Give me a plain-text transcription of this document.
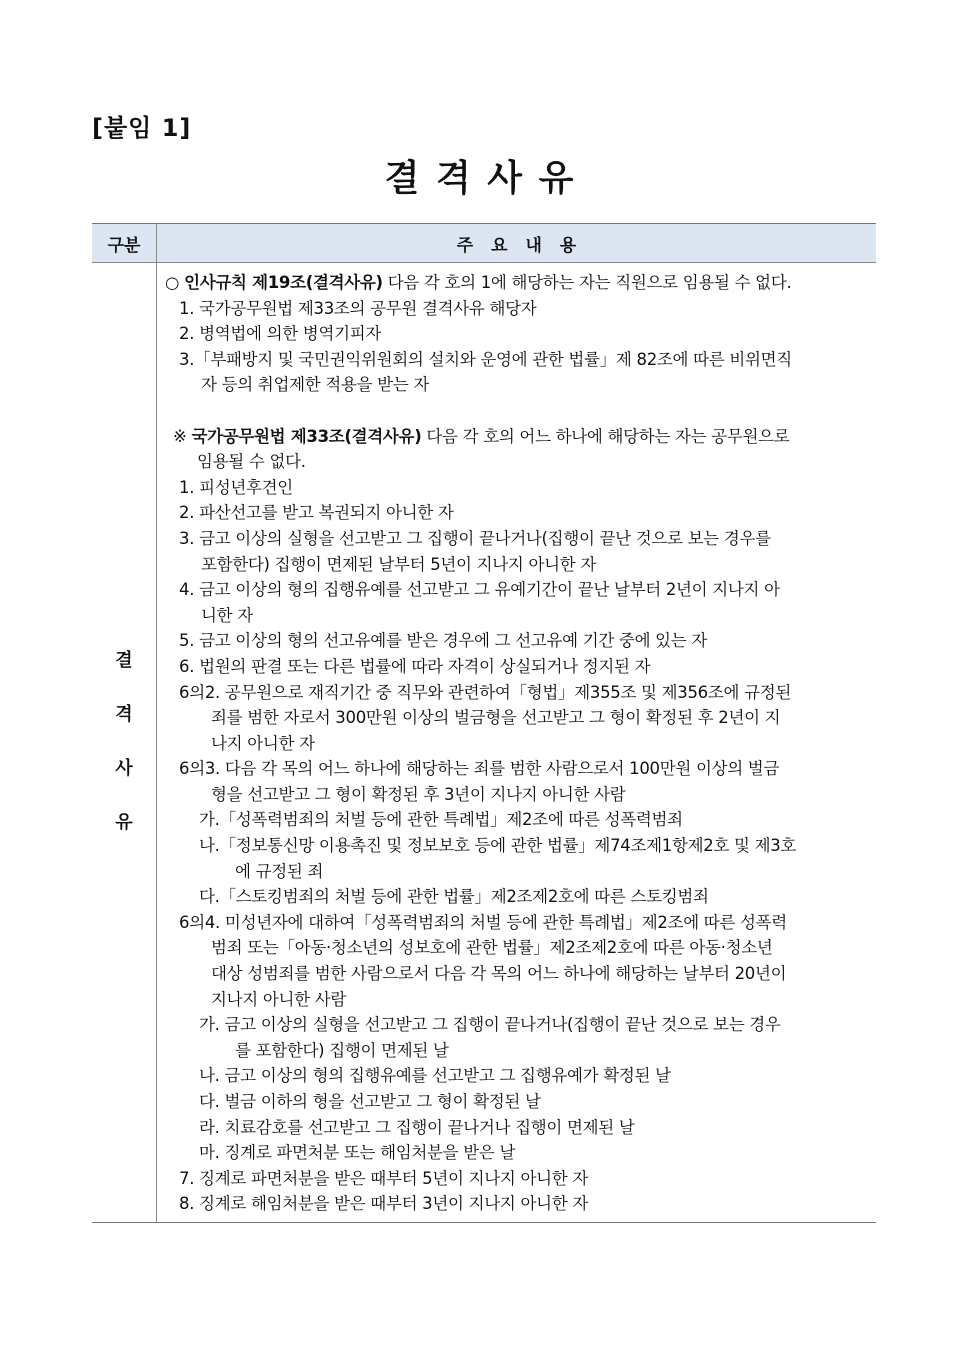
[붙임 1]
결 격 사 유
구분	주 요 내 용
결
격
사
유
○ 인사규칙 제19조(결격사유) 다음 각 호의 1에 해당하는 자는 직원으로 임용될 수 없다.
1. 국가공무원법 제33조의 공무원 결격사유 해당자
2. 병역법에 의한 병역기피자
3.「부패방지 및 국민권익위원회의 설치와 운영에 관한 법률」제 82조에 따른 비위면직
자 등의 취업제한 적용을 받는 자
※ 국가공무원법 제33조(결격사유) 다음 각 호의 어느 하나에 해당하는 자는 공무원으로
임용될 수 없다.
1. 피성년후견인
2. 파산선고를 받고 복권되지 아니한 자
3. 금고 이상의 실형을 선고받고 그 집행이 끝나거나(집행이 끝난 것으로 보는 경우를
포함한다) 집행이 면제된 날부터 5년이 지나지 아니한 자
4. 금고 이상의 형의 집행유예를 선고받고 그 유예기간이 끝난 날부터 2년이 지나지 아
니한 자
5. 금고 이상의 형의 선고유예를 받은 경우에 그 선고유예 기간 중에 있는 자
6. 법원의 판결 또는 다른 법률에 따라 자격이 상실되거나 정지된 자
6의2. 공무원으로 재직기간 중 직무와 관련하여「형법」제355조 및 제356조에 규정된
죄를 범한 자로서 300만원 이상의 벌금형을 선고받고 그 형이 확정된 후 2년이 지
나지 아니한 자
6의3. 다음 각 목의 어느 하나에 해당하는 죄를 범한 사람으로서 100만원 이상의 벌금
형을 선고받고 그 형이 확정된 후 3년이 지나지 아니한 사람
가.「성폭력범죄의 처벌 등에 관한 특례법」제2조에 따른 성폭력범죄
나.「정보통신망 이용촉진 및 정보보호 등에 관한 법률」제74조제1항제2호 및 제3호
에 규정된 죄
다.「스토킹범죄의 처벌 등에 관한 법률」제2조제2호에 따른 스토킹범죄
6의4. 미성년자에 대하여「성폭력범죄의 처벌 등에 관한 특례법」제2조에 따른 성폭력
범죄 또는「아동·청소년의 성보호에 관한 법률」제2조제2호에 따른 아동·청소년
대상 성범죄를 범한 사람으로서 다음 각 목의 어느 하나에 해당하는 날부터 20년이
지나지 아니한 사람
가. 금고 이상의 실형을 선고받고 그 집행이 끝나거나(집행이 끝난 것으로 보는 경우
를 포함한다) 집행이 면제된 날
나. 금고 이상의 형의 집행유예를 선고받고 그 집행유예가 확정된 날
다. 벌금 이하의 형을 선고받고 그 형이 확정된 날
라. 치료감호를 선고받고 그 집행이 끝나거나 집행이 면제된 날
마. 징계로 파면처분 또는 해임처분을 받은 날
7. 징계로 파면처분을 받은 때부터 5년이 지나지 아니한 자
8. 징계로 해임처분을 받은 때부터 3년이 지나지 아니한 자
